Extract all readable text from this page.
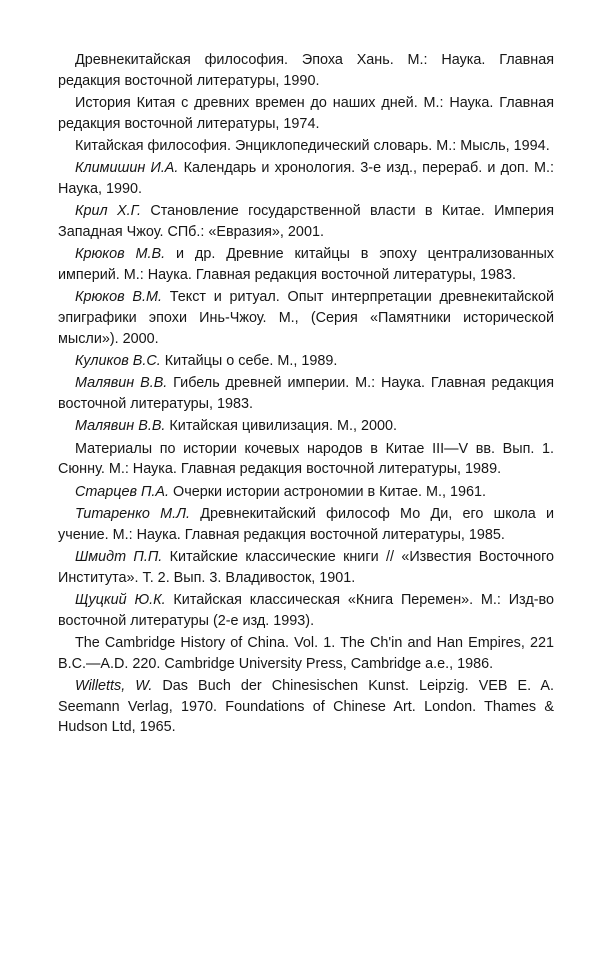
Древнекитайская философия. Эпоха Хань. М.: Наука. Главная редакция восточной литературы, 1990.

История Китая с древних времен до наших дней. М.: Наука. Главная редакция восточной литературы, 1974.

Китайская философия. Энциклопедический словарь. М.: Мысль, 1994.

Климишин И.А. Календарь и хронология. 3-е изд., перераб. и доп. М.: Наука, 1990.

Крил Х.Г. Становление государственной власти в Китае. Империя Западная Чжоу. СПб.: «Евразия», 2001.

Крюков М.В. и др. Древние китайцы в эпоху централизованных империй. М.: Наука. Главная редакция восточной литературы, 1983.

Крюков В.М. Текст и ритуал. Опыт интерпретации древнекитайской эпиграфики эпохи Инь-Чжоу. М., (Серия «Памятники исторической мысли»). 2000.

Куликов В.С. Китайцы о себе. М., 1989.

Малявин В.В. Гибель древней империи. М.: Наука. Главная редакция восточной литературы, 1983.

Малявин В.В. Китайская цивилизация. М., 2000.

Материалы по истории кочевых народов в Китае III—V вв. Вып. 1. Сюнну. М.: Наука. Главная редакция восточной литературы, 1989.

Старцев П.А. Очерки истории астрономии в Китае. М., 1961.

Титаренко М.Л. Древнекитайский философ Мо Ди, его школа и учение. М.: Наука. Главная редакция восточной литературы, 1985.

Шмидт П.П. Китайские классические книги // «Известия Восточного Института». Т. 2. Вып. 3. Владивосток, 1901.

Щуцкий Ю.К. Китайская классическая «Книга Перемен». М.: Изд-во восточной литературы (2-е изд. 1993).

The Cambridge History of China. Vol. 1. The Ch'in and Han Empires, 221 B.C.—A.D. 220. Cambridge University Press, Cambridge a.e., 1986.

Willetts, W. Das Buch der Chinesischen Kunst. Leipzig. VEB E. A. Seemann Verlag, 1970. Foundations of Chinese Art. London. Thames & Hudson Ltd, 1965.
